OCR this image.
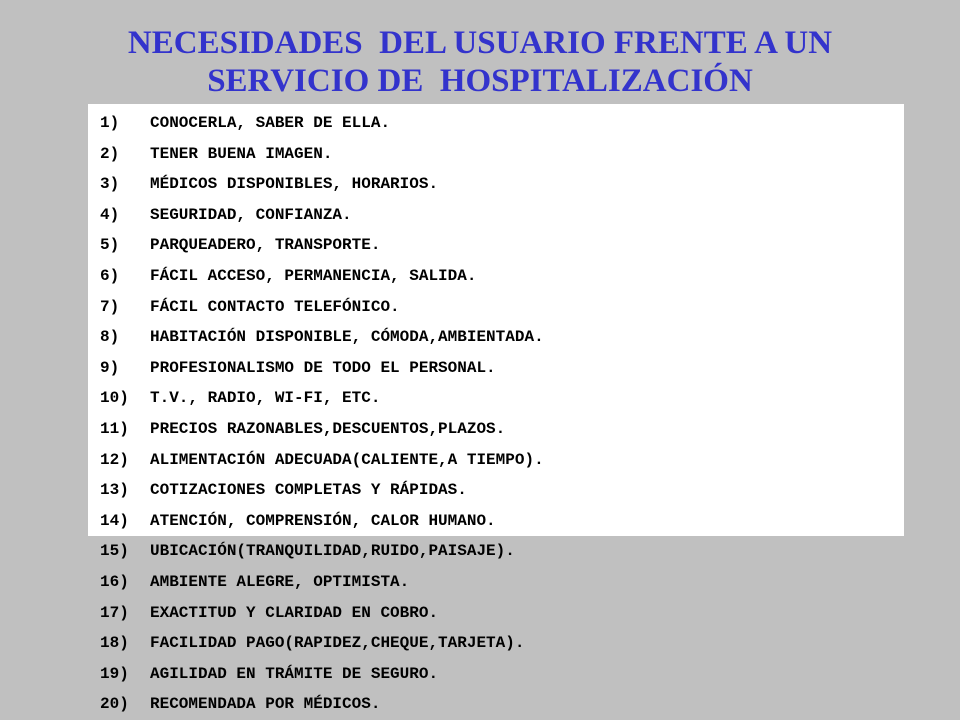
NECESIDADES  DEL USUARIO FRENTE A UN
SERVICIO DE  HOSPITALIZACIÓN
1)	CONOCERLA, SABER DE ELLA.
2)	TENER BUENA IMAGEN.
3)	MÉDICOS DISPONIBLES, HORARIOS.
4)	SEGURIDAD, CONFIANZA.
5)	PARQUEADERO, TRANSPORTE.
6)	FÁCIL ACCESO, PERMANENCIA, SALIDA.
7)	FÁCIL CONTACTO TELEFÓNICO.
8)	HABITACIÓN DISPONIBLE, CÓMODA,AMBIENTADA.
9)	PROFESIONALISMO DE TODO EL PERSONAL.
10)	T.V., RADIO, WI-FI, ETC.
11)	PRECIOS RAZONABLES,DESCUENTOS,PLAZOS.
12)	ALIMENTACIÓN ADECUADA(CALIENTE,A TIEMPO).
13)	COTIZACIONES COMPLETAS Y RÁPIDAS.
14)	ATENCIÓN, COMPRENSIÓN, CALOR HUMANO.
15)	UBICACIÓN(TRANQUILIDAD,RUIDO,PAISAJE).
16)	AMBIENTE ALEGRE, OPTIMISTA.
17)	EXACTITUD Y CLARIDAD EN COBRO.
18)	FACILIDAD PAGO(RAPIDEZ,CHEQUE,TARJETA).
19)	AGILIDAD EN TRÁMITE DE SEGURO.
20)	RECOMENDADA POR MÉDICOS.
